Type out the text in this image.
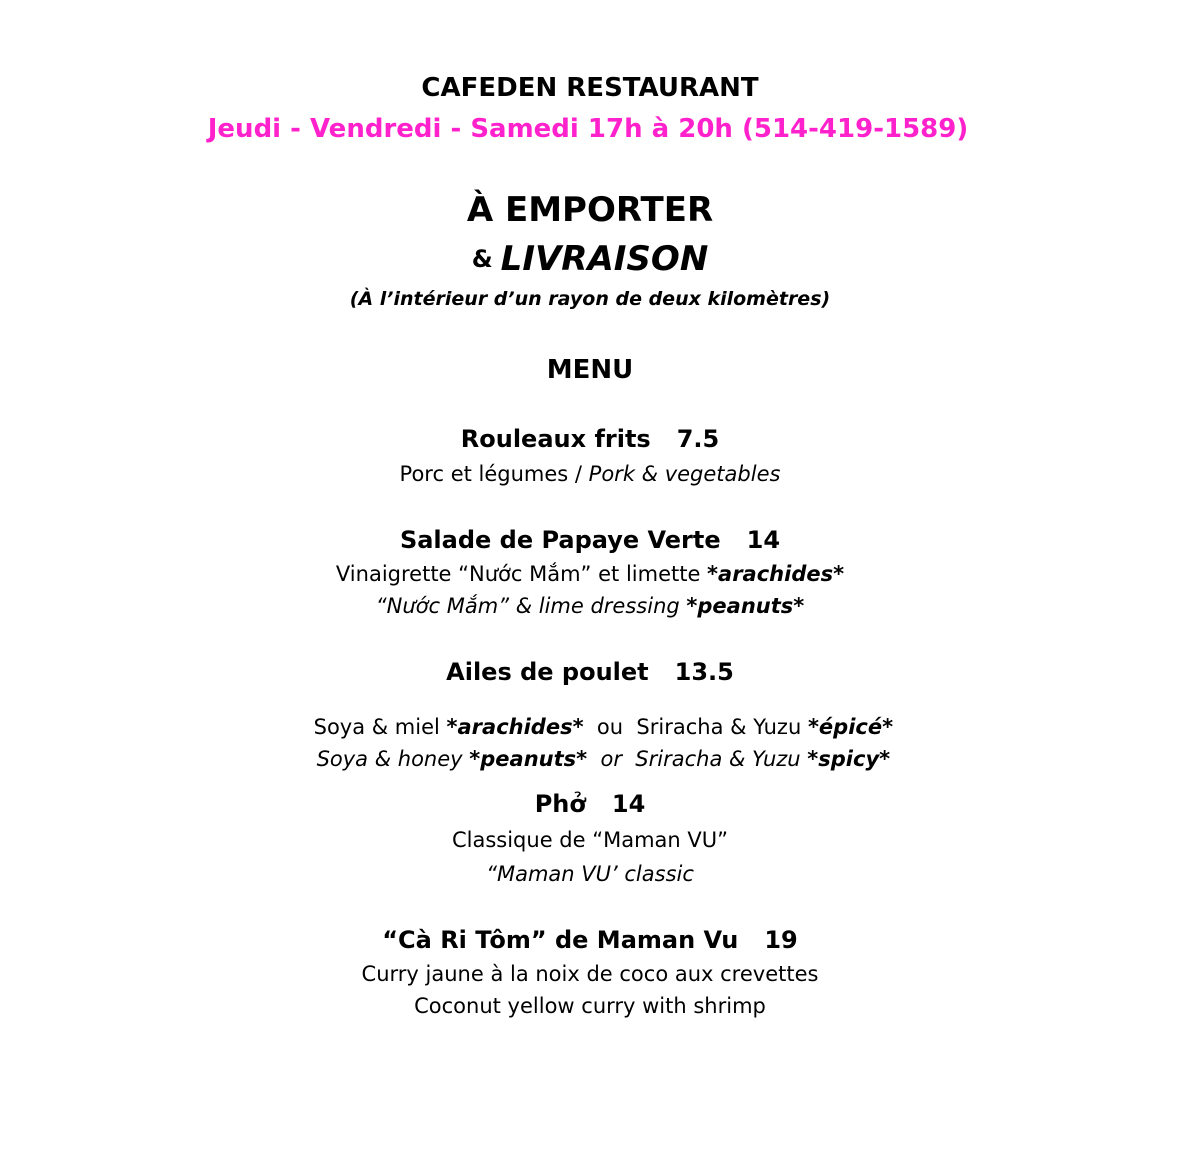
CAFEDEN RESTAURANT
Jeudi - Vendredi - Samedi 17h à 20h (514-419-1589)
À EMPORTER
& LIVRAISON
(À l’intérieur d’un rayon de deux kilomètres)
MENU
Rouleaux frits 7.5
Porc et légumes / Pork & vegetables
Salade de Papaye Verte 14
Vinaigrette “Nước Mắm” et limette *arachides*
“Nước Mắm” & lime dressing *peanuts*
Ailes de poulet 13.5

Soya & miel *arachides*  ou  Sriracha & Yuzu *épicé*

Soya & honey *peanuts*  or  Sriracha & Yuzu *spicy*

Phở 14
Classique de “Maman VU”
“Maman VU’ classic
“Cà Ri Tôm” de Maman Vu 19
Curry jaune à la noix de coco aux crevettes
Coconut yellow curry with shrimp
